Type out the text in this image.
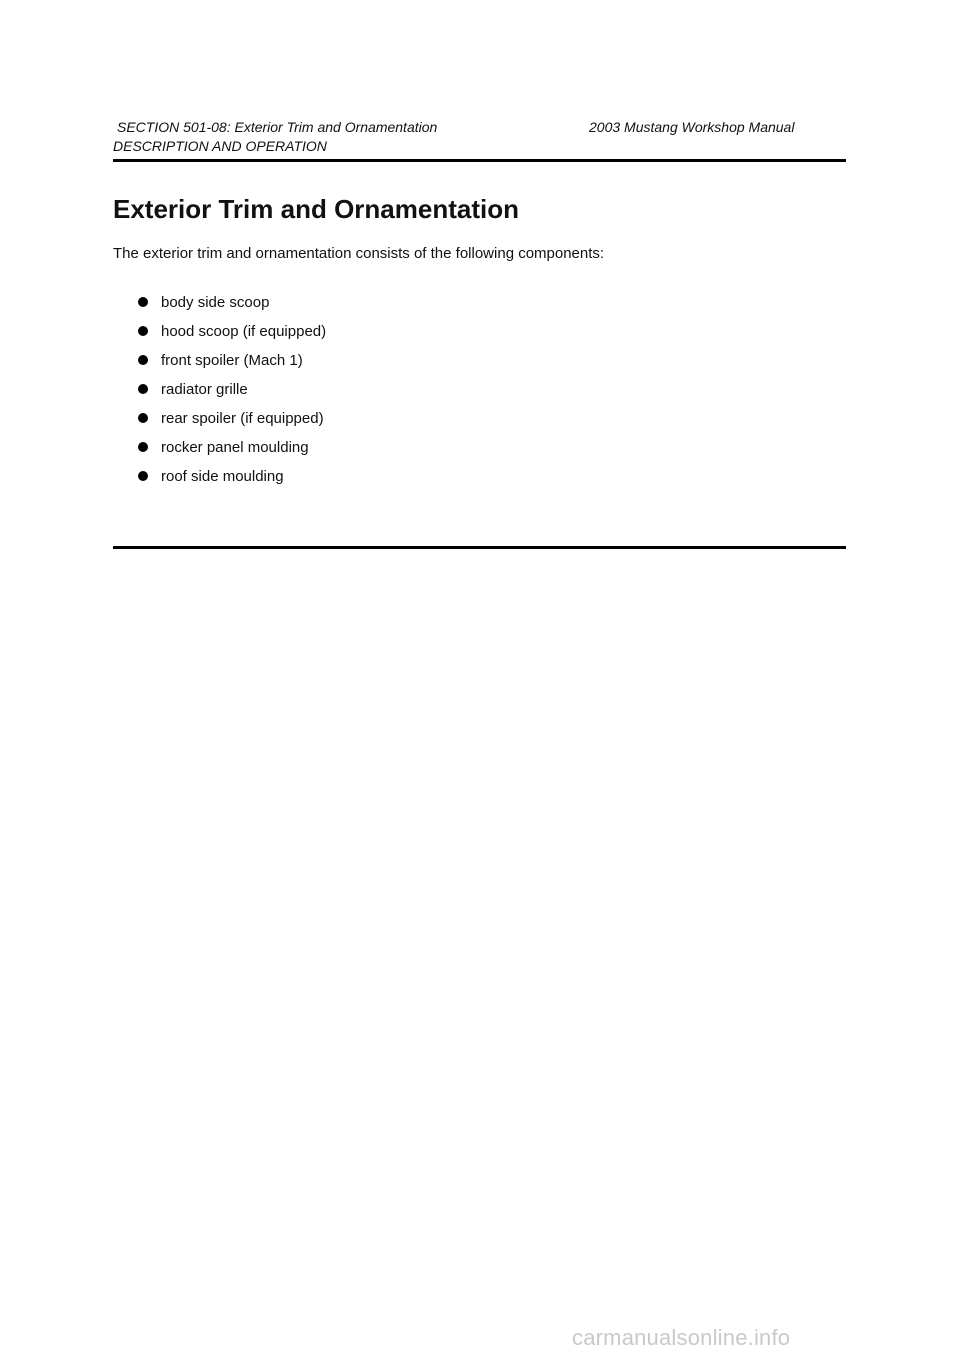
SECTION 501-08: Exterior Trim and Ornamentation	2003 Mustang Workshop Manual
DESCRIPTION AND OPERATION
Exterior Trim and Ornamentation

The exterior trim and ornamentation consists of the following components:

body side scoop
hood scoop (if equipped)
front spoiler (Mach 1)
radiator grille
rear spoiler (if equipped)
rocker panel moulding
roof side moulding
carmanualsonline.info
